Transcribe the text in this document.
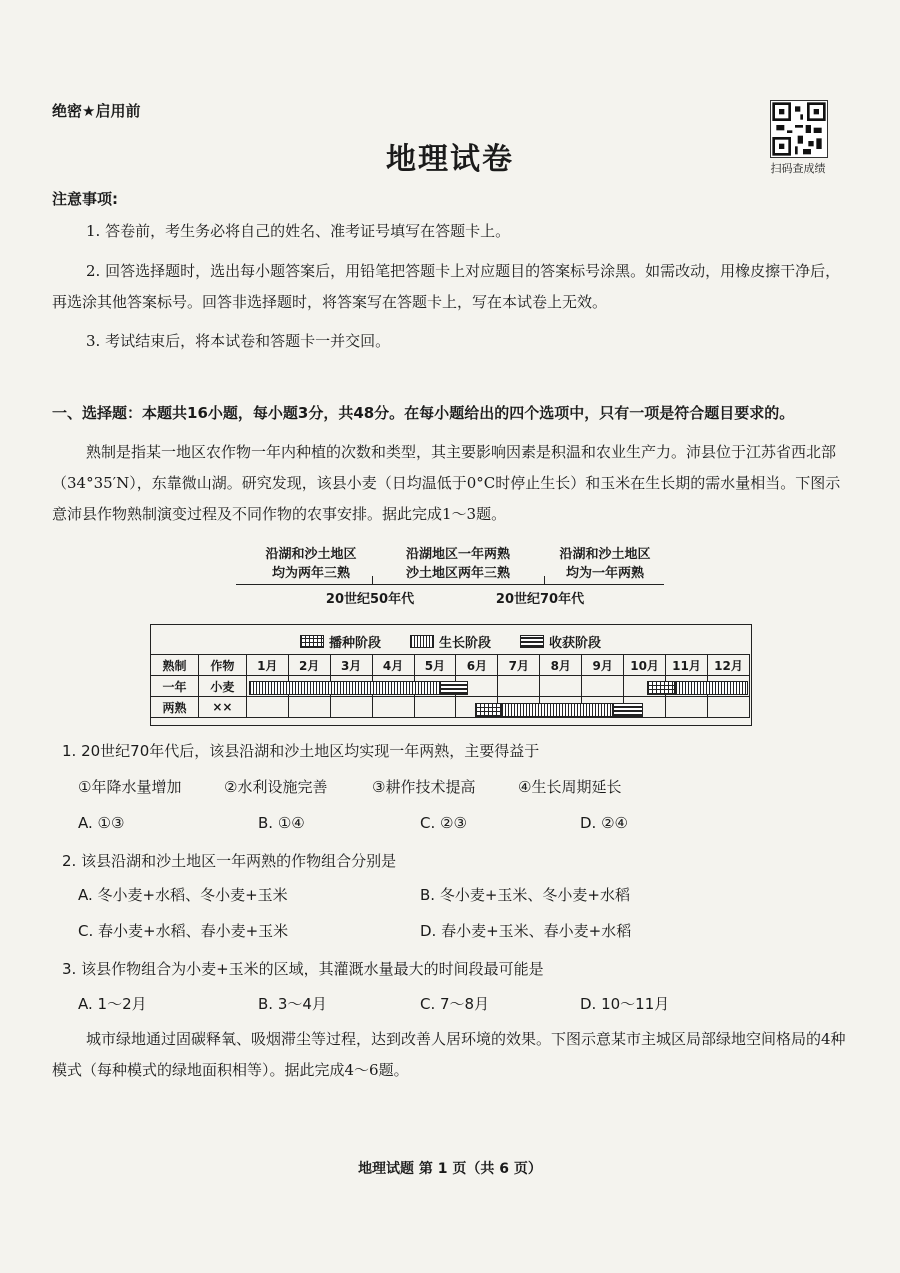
绝密★启用前
地理试卷	扫码查成绩
注意事项:
1. 答卷前，考生务必将自己的姓名、准考证号填写在答题卡上。
2. 回答选择题时，选出每小题答案后，用铅笔把答题卡上对应题目的答案标号涂黑。如需改动，用橡皮擦干净后，再选涂其他答案标号。回答非选择题时，将答案写在答题卡上，写在本试卷上无效。
3. 考试结束后，将本试卷和答题卡一并交回。
一、选择题：本题共16小题，每小题3分，共48分。在每小题给出的四个选项中，只有一项是符合题目要求的。
熟制是指某一地区农作物一年内种植的次数和类型，其主要影响因素是积温和农业生产力。沛县位于江苏省西北部（34°35′N），东靠微山湖。研究发现，该县小麦（日均温低于0°C时停止生长）和玉米在生长期的需水量相当。下图示意沛县作物熟制演变过程及不同作物的农事安排。据此完成1～3题。
沿湖和沙土地区
均为两年三熟
沿湖地区一年两熟
沙土地区两年三熟
沿湖和沙土地区
均为一年两熟
20世纪50年代	20世纪70年代
播种阶段	生长阶段	收获阶段
熟制	作物	1月	2月	3月	4月	5月	6月	7月	8月	9月	10月	11月	12月
一年	小麦												
两熟	××												
1. 20世纪70年代后，该县沿湖和沙土地区均实现一年两熟，主要得益于
①年降水量增加	②水利设施完善	③耕作技术提高	④生长周期延长
A. ①③	B. ①④	C. ②③	D. ②④
2. 该县沿湖和沙土地区一年两熟的作物组合分别是
A. 冬小麦+水稻、冬小麦+玉米	B. 冬小麦+玉米、冬小麦+水稻
C. 春小麦+水稻、春小麦+玉米	D. 春小麦+玉米、春小麦+水稻
3. 该县作物组合为小麦+玉米的区域，其灌溉水量最大的时间段最可能是
A. 1～2月	B. 3～4月	C. 7～8月	D. 10～11月
城市绿地通过固碳释氧、吸烟滞尘等过程，达到改善人居环境的效果。下图示意某市主城区局部绿地空间格局的4种模式（每种模式的绿地面积相等）。据此完成4～6题。
地理试题 第 1 页（共 6 页）
